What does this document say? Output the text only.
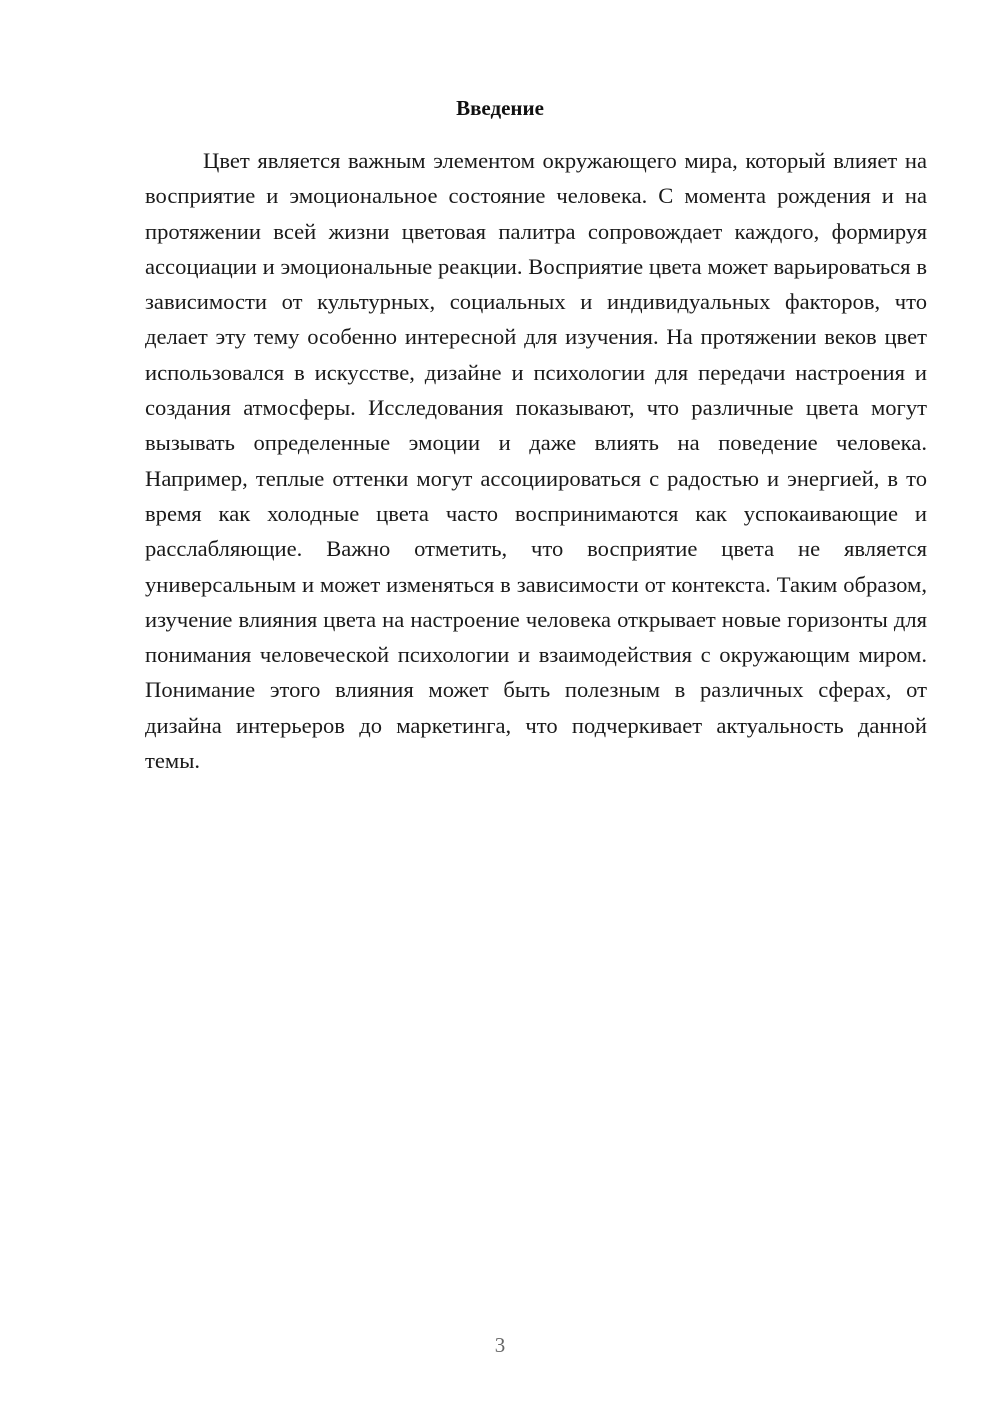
Введение

Цвет является важным элементом окружающего мира, который влияет на восприятие и эмоциональное состояние человека. С момента рождения и на протяжении всей жизни цветовая палитра сопровождает каждого, формируя ассоциации и эмоциональные реакции. Восприятие цвета может варьироваться в зависимости от культурных, социальных и индивидуальных факторов, что делает эту тему особенно интересной для изучения. На протяжении веков цвет использовался в искусстве, дизайне и психологии для передачи настроения и создания атмосферы. Исследования показывают, что различные цвета могут вызывать определенные эмоции и даже влиять на поведение человека. Например, теплые оттенки могут ассоциироваться с радостью и энергией, в то время как холодные цвета часто воспринимаются как успокаивающие и расслабляющие. Важно отметить, что восприятие цвета не является универсальным и может изменяться в зависимости от контекста. Таким образом, изучение влияния цвета на настроение человека открывает новые горизонты для понимания человеческой психологии и взаимодействия с окружающим миром. Понимание этого влияния может быть полезным в различных сферах, от дизайна интерьеров до маркетинга, что подчеркивает актуальность данной темы.

3
